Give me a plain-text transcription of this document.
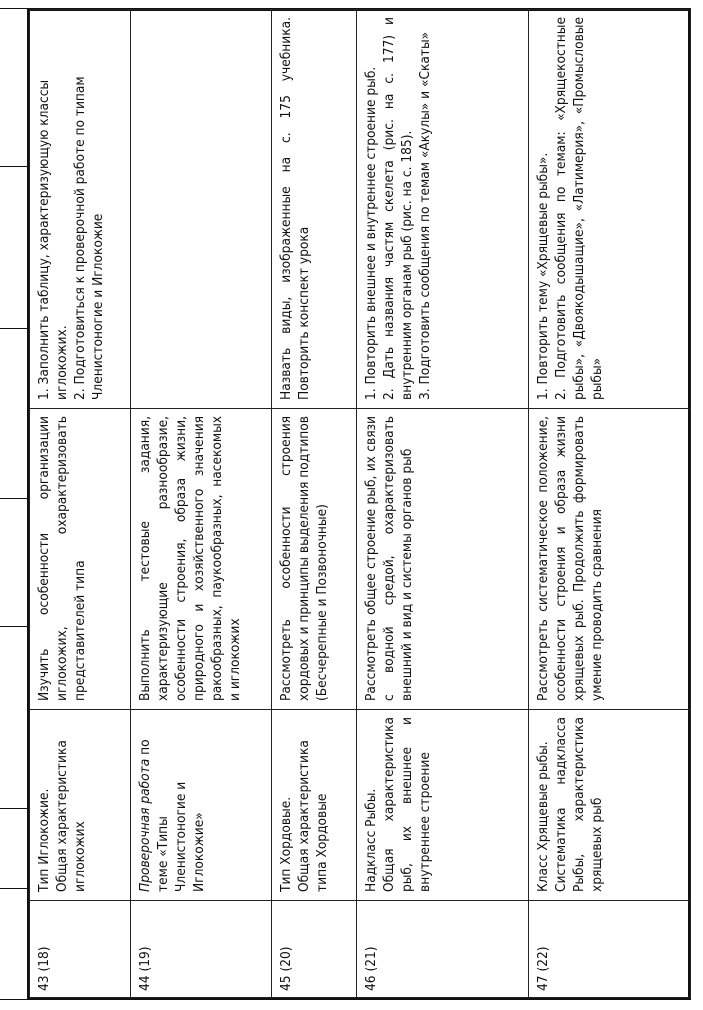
43 (18)	Тип Иглокожие. Общая характеристика иглокожих	Изучить особенности организации иглокожих, охарактеризовать представителей типа	1. Заполнить таблицу, характеризующую классы иглокожих. 2. Подготовиться к проверочной работе по типам Членистоногие и Иглокожие

44 (19)	Проверочная работа по теме «Типы Членистоногие и Иглокожие»	Выполнить тестовые задания, характеризующие разнообразие, особенности строения, образа жизни, природного и хозяйственного значения ракообразных, паукообразных, насекомых и иглокожих	
45 (20)	Тип Хордовые. Общая характеристика типа Хордовые	Рассмотреть особенности строения хордовых и принципы выделения подтипов (Бесчерепные и Позвоночные)	Назвать виды, изображенные на с. 175 учебника. Повторить конспект урока
46 (21)	Надкласс Рыбы. Общая характеристика рыб, их внешнее и внутреннее строение	Рассмотреть общее строение рыб, их связи с водной средой, охарактеризовать внешний и вид и системы органов рыб	1. Повторить внешнее и внутреннее строение рыб. 2. Дать названия частям скелета (рис. на с. 177) и внутренним органам рыб (рис. на с. 185). 3. Подготовить сообщения по темам «Акулы» и «Скаты»

47 (22)	Класс Хрящевые рыбы. Систематика надкласса Рыбы, характеристика хрящевых рыб	Рассмотреть систематическое положение, особенности строения и образа жизни хрящевых рыб. Продолжить формировать умение проводить сравнения	1. Повторить тему «Хрящевые рыбы». 2. Подготовить сообщения по темам: «Хрящекостные рыбы», «Двоякодышащие», «Латимерия», «Промысловые рыбы»
